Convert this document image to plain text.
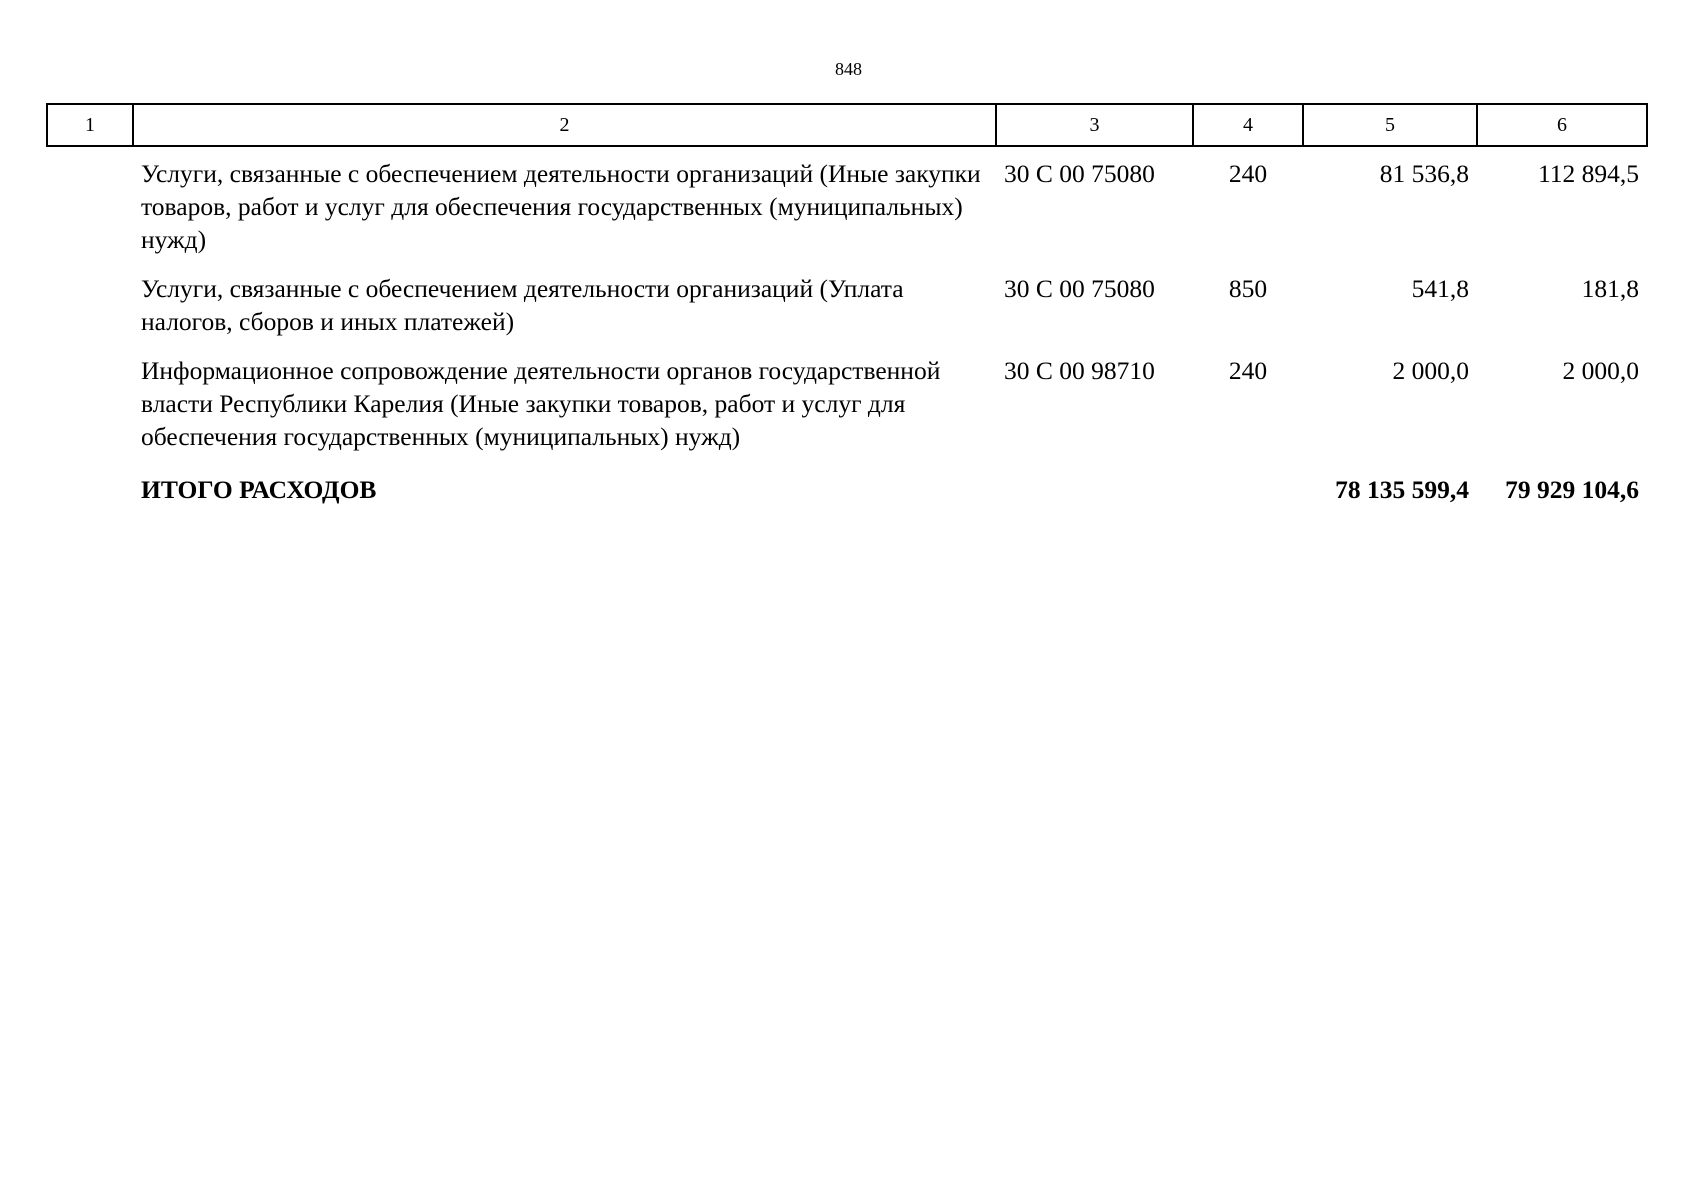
848
1	2	3	4	5	6
	Услуги, связанные с обеспечением деятельности организаций (Иные закупки товаров, работ и услуг для обеспечения государственных (муниципальных) нужд)	30 С 00 75080	240	81 536,8	112 894,5
	Услуги, связанные с обеспечением деятельности организаций (Уплата налогов, сборов и иных платежей)	30 С 00 75080	850	541,8	181,8
	Информационное сопровождение деятельности органов государственной власти Республики Карелия (Иные закупки товаров, работ и услуг для обеспечения государственных (муниципальных) нужд)	30 С 00 98710	240	2 000,0	2 000,0
	ИТОГО РАСХОДОВ			78 135 599,4	79 929 104,6
